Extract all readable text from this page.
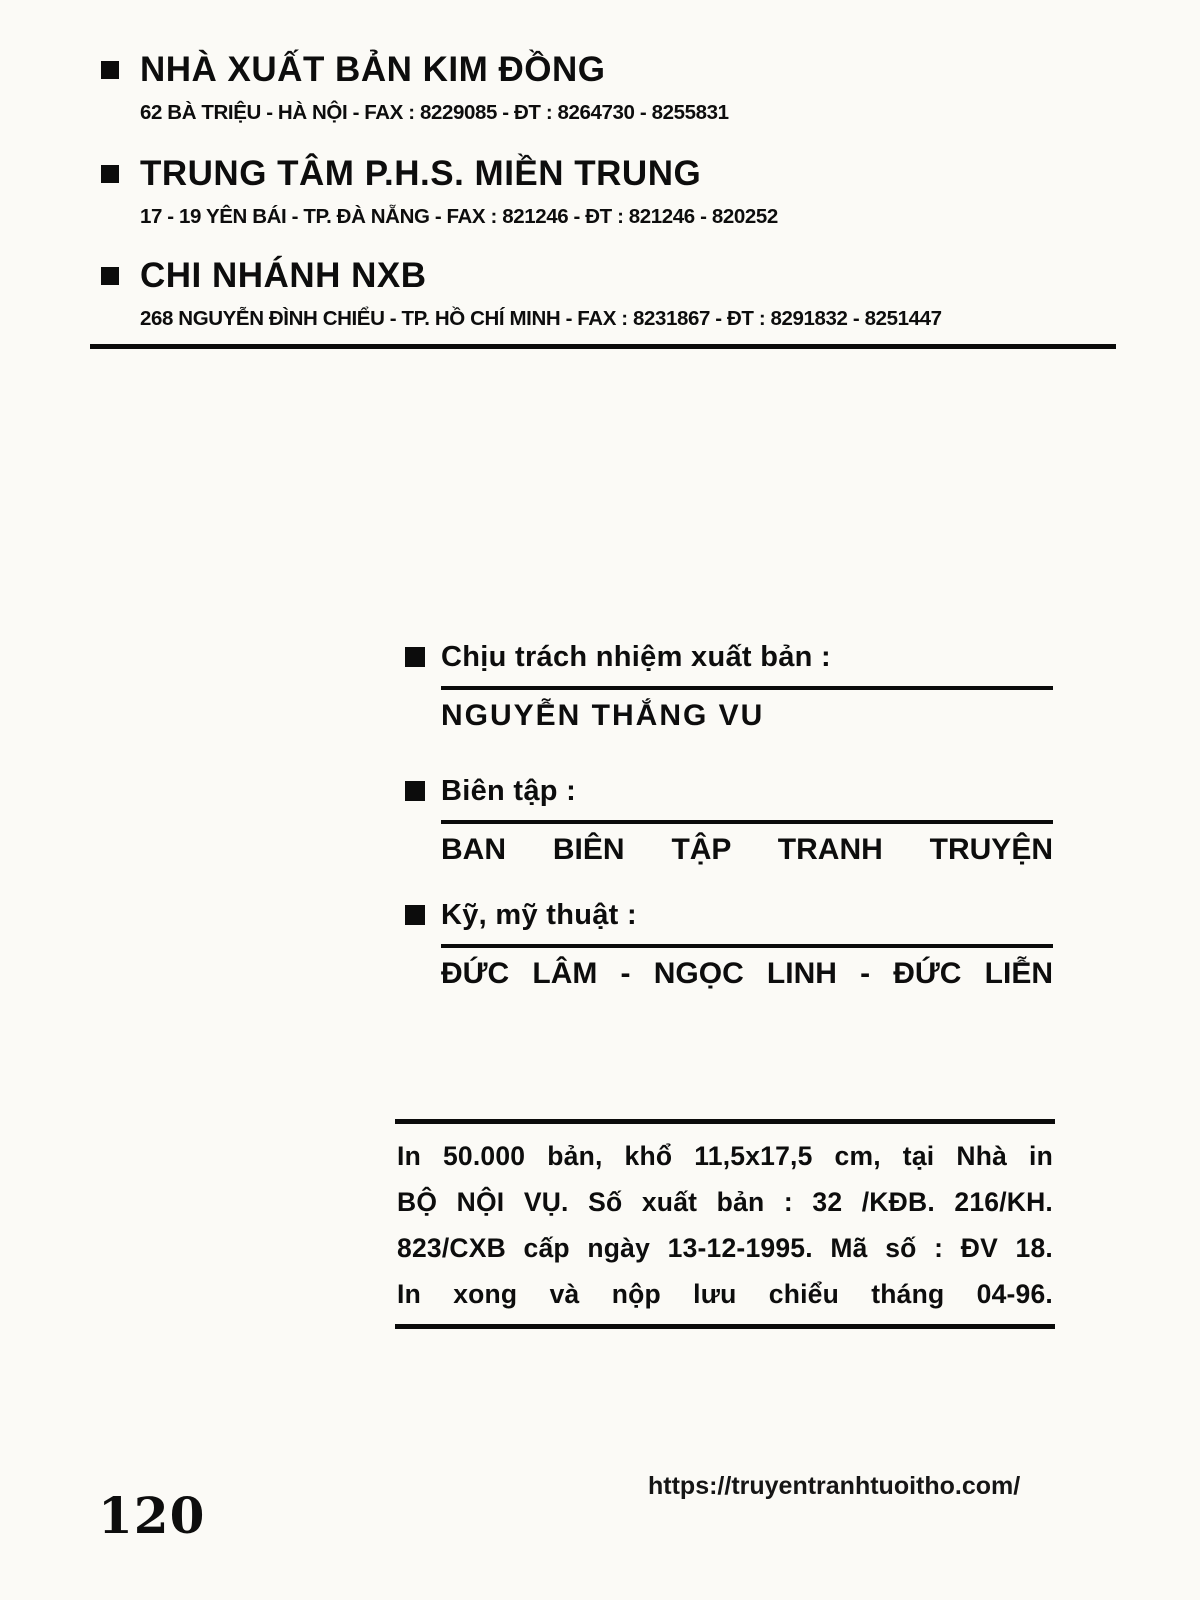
NHÀ XUẤT BẢN KIM ĐỒNG
62 BÀ TRIỆU - HÀ NỘI - FAX : 8229085 - ĐT : 8264730 - 8255831
TRUNG TÂM P.H.S. MIỀN TRUNG
17 - 19 YÊN BÁI - TP. ĐÀ NẴNG - FAX : 821246 - ĐT : 821246 - 820252
CHI NHÁNH NXB
268 NGUYỄN ĐÌNH CHIỂU - TP. HỒ CHÍ MINH - FAX : 8231867 - ĐT : 8291832 - 8251447
Chịu trách nhiệm xuất bản :
NGUYỄN THẮNG VU
Biên tập :
BAN BIÊN TẬP TRANH TRUYỆN
Kỹ, mỹ thuật :
ĐỨC LÂM - NGỌC LINH - ĐỨC LIỄN
In 50.000 bản, khổ 11,5x17,5 cm, tại Nhà in
BỘ NỘI VỤ. Số xuất bản : 32 /KĐB. 216/KH.
823/CXB cấp ngày 13-12-1995. Mã số : ĐV 18.
In xong và nộp lưu chiểu tháng 04-96.
120	https://truyentranhtuoitho.com/
